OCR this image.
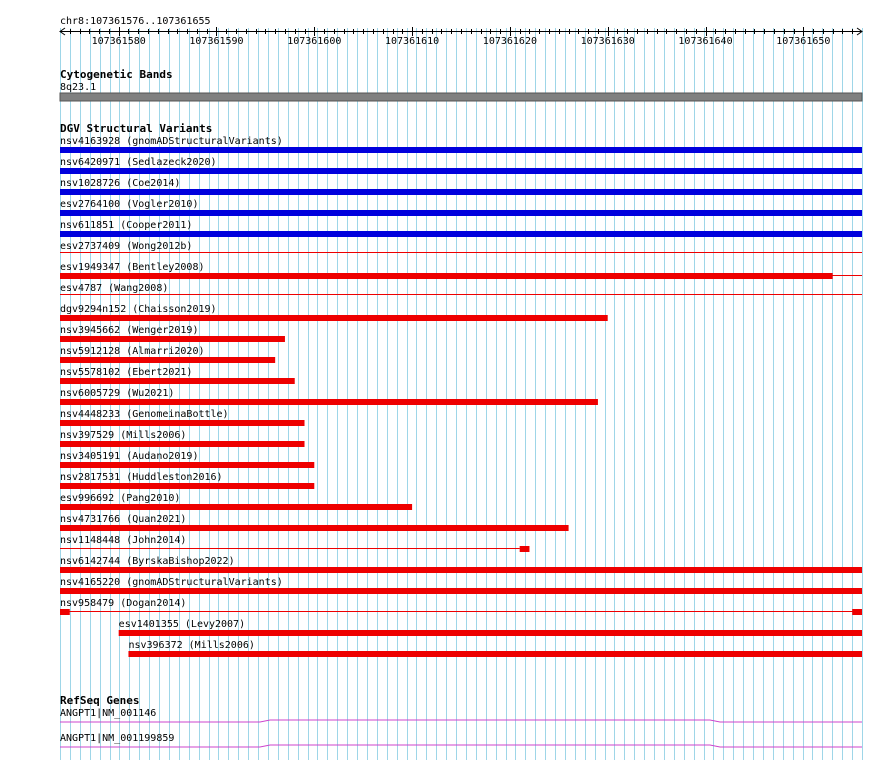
chr8:107361576..107361655
107361580	107361590	107361600	107361610	107361620	107361630	107361640	107361650
Cytogenetic Bands
8q23.1
DGV Structural Variants
nsv4163928 (gnomADStructuralVariants)
nsv6420971 (Sedlazeck2020)
nsv1028726 (Coe2014)
esv2764100 (Vogler2010)
nsv611851 (Cooper2011)
esv2737409 (Wong2012b)
esv1949347 (Bentley2008)
esv4787 (Wang2008)
dgv9294n152 (Chaisson2019)
nsv3945662 (Wenger2019)
nsv5912128 (Almarri2020)
nsv5578102 (Ebert2021)
nsv6005729 (Wu2021)
nsv4448233 (GenomeinaBottle)
nsv397529 (Mills2006)
nsv3405191 (Audano2019)
nsv2817531 (Huddleston2016)
esv996692 (Pang2010)
nsv4731766 (Quan2021)
nsv1148448 (John2014)
nsv6142744 (ByrskaBishop2022)
nsv4165220 (gnomADStructuralVariants)
nsv958479 (Dogan2014)
esv1401355 (Levy2007)
nsv396372 (Mills2006)
RefSeq Genes
ANGPT1|NM_001146
ANGPT1|NM_001199859
